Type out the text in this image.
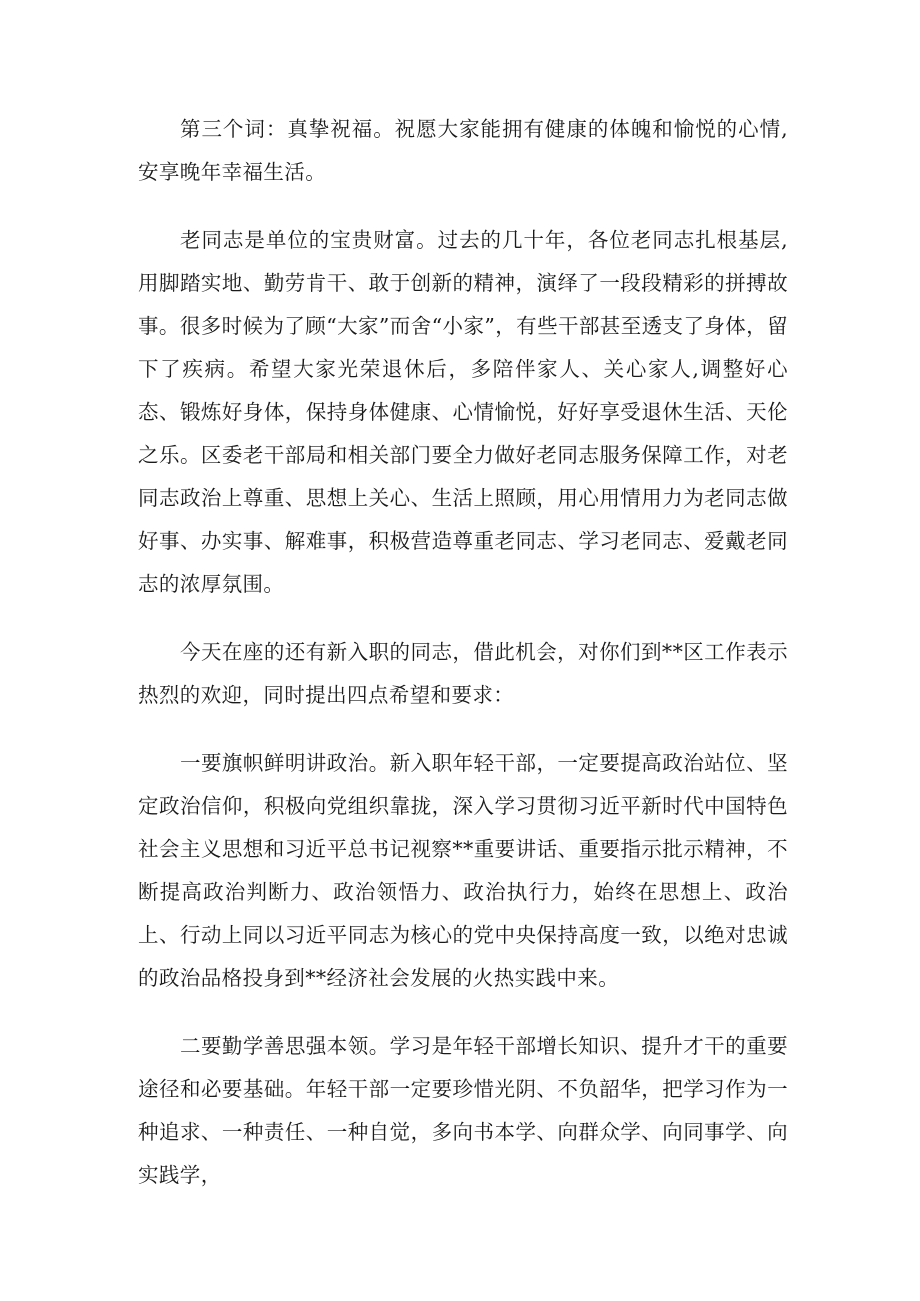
第三个词：真挚祝福。祝愿大家能拥有健康的体魄和愉悦的心情,安享晚年幸福生活。

老同志是单位的宝贵财富。过去的几十年，各位老同志扎根基层,用脚踏实地、勤劳肯干、敢于创新的精神，演绎了一段段精彩的拼搏故事。很多时候为了顾“大家”而舍“小家”，有些干部甚至透支了身体，留下了疾病。希望大家光荣退休后，多陪伴家人、关心家人,调整好心态、锻炼好身体，保持身体健康、心情愉悦，好好享受退休生活、天伦之乐。区委老干部局和相关部门要全力做好老同志服务保障工作，对老同志政治上尊重、思想上关心、生活上照顾，用心用情用力为老同志做好事、办实事、解难事，积极营造尊重老同志、学习老同志、爱戴老同志的浓厚氛围。

今天在座的还有新入职的同志，借此机会，对你们到**区工作表示热烈的欢迎，同时提出四点希望和要求：

一要旗帜鲜明讲政治。新入职年轻干部，一定要提高政治站位、坚定政治信仰，积极向党组织靠拢，深入学习贯彻习近平新时代中国特色社会主义思想和习近平总书记视察**重要讲话、重要指示批示精神，不断提高政治判断力、政治领悟力、政治执行力，始终在思想上、政治上、行动上同以习近平同志为核心的党中央保持高度一致，以绝对忠诚的政治品格投身到**经济社会发展的火热实践中来。

二要勤学善思强本领。学习是年轻干部增长知识、提升才干的重要途径和必要基础。年轻干部一定要珍惜光阴、不负韶华，把学习作为一种追求、一种责任、一种自觉，多向书本学、向群众学、向同事学、向实践学，
